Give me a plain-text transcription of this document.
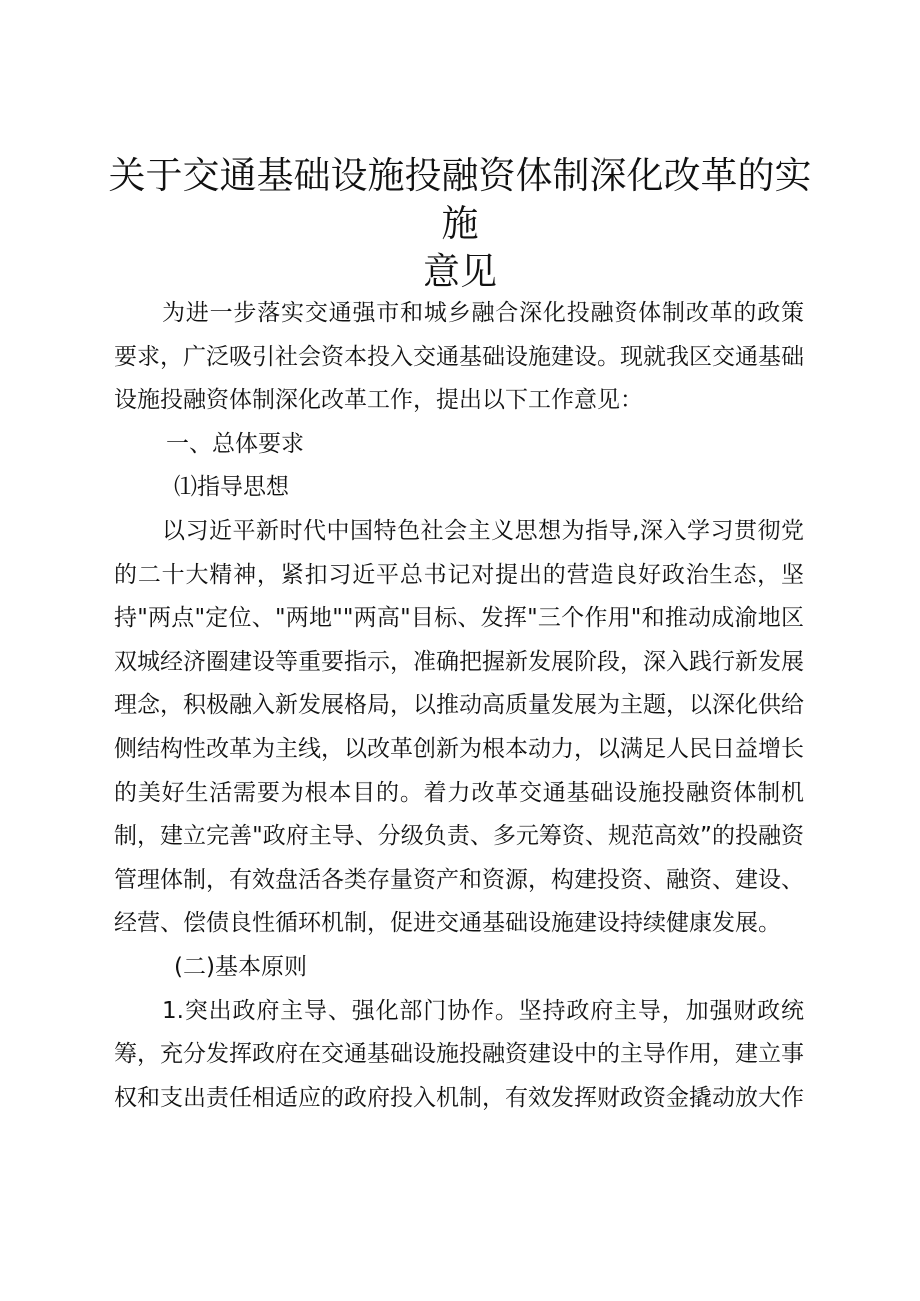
关于交通基础设施投融资体制深化改革的实施
意见

为进一步落实交通强市和城乡融合深化投融资体制改革的政策要求，广泛吸引社会资本投入交通基础设施建设。现就我区交通基础设施投融资体制深化改革工作，提出以下工作意见：

一、总体要求

⑴指导思想

以习近平新时代中国特色社会主义思想为指导,深入学习贯彻党的二十大精神，紧扣习近平总书记对提出的营造良好政治生态，坚持"两点"定位、"两地""两高"目标、发挥"三个作用"和推动成渝地区双城经济圈建设等重要指示，准确把握新发展阶段，深入践行新发展理念，积极融入新发展格局，以推动高质量发展为主题，以深化供给侧结构性改革为主线，以改革创新为根本动力，以满足人民日益增长的美好生活需要为根本目的。着力改革交通基础设施投融资体制机制，建立完善"政府主导、分级负责、多元筹资、规范高效”的投融资管理体制，有效盘活各类存量资产和资源，构建投资、融资、建设、经营、偿债良性循环机制，促进交通基础设施建设持续健康发展。

(二)基本原则

1.突出政府主导、强化部门协作。坚持政府主导，加强财政统筹，充分发挥政府在交通基础设施投融资建设中的主导作用，建立事权和支出责任相适应的政府投入机制，有效发挥财政资金撬动放大作
